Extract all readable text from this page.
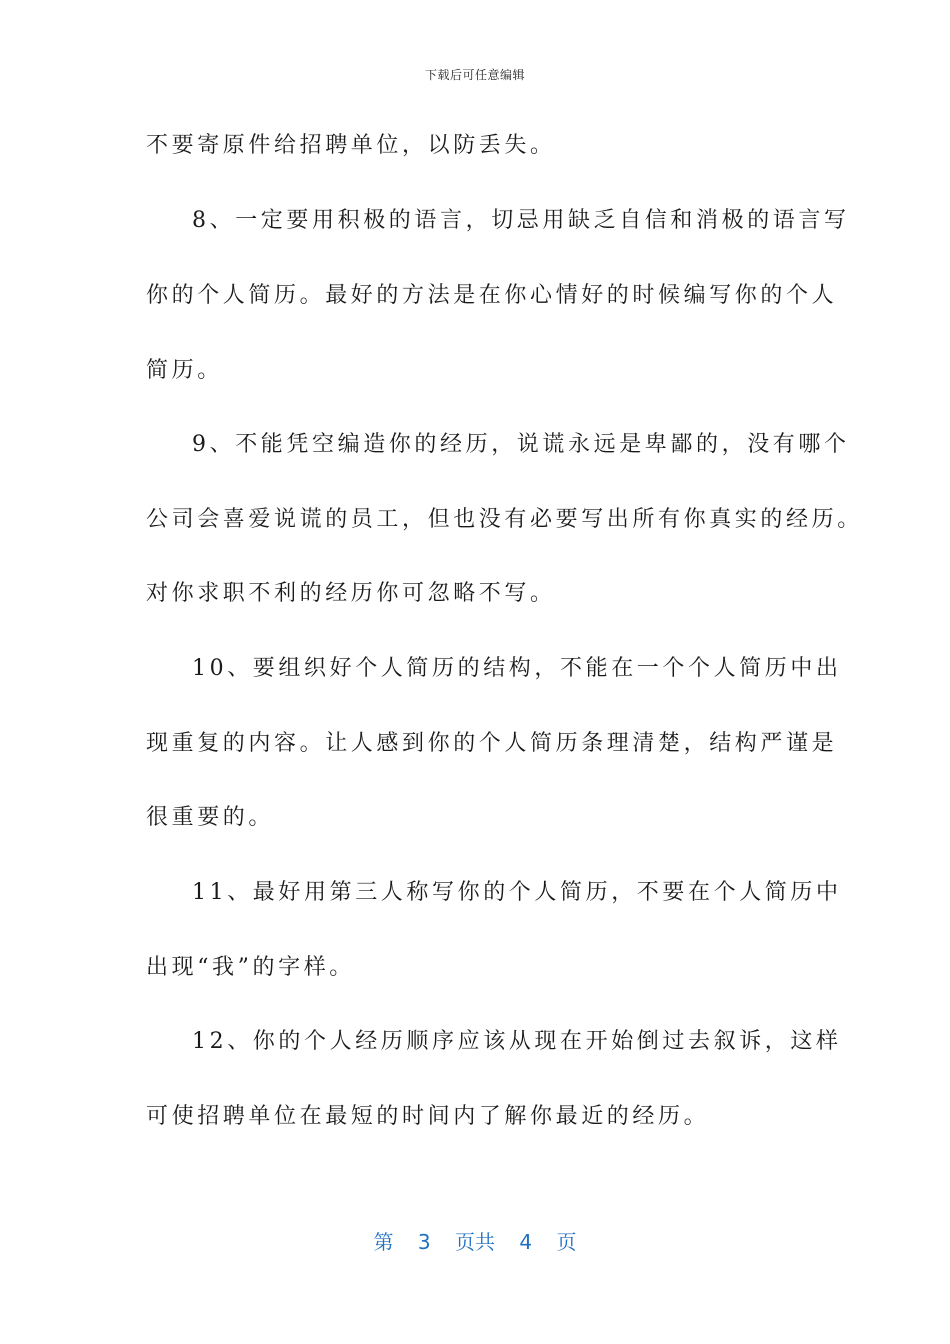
下载后可任意编辑
不要寄原件给招聘单位，以防丢失。
8、一定要用积极的语言，切忌用缺乏自信和消极的语言写
你的个人简历。最好的方法是在你心情好的时候编写你的个人
简历。
9、不能凭空编造你的经历，说谎永远是卑鄙的，没有哪个
公司会喜爱说谎的员工，但也没有必要写出所有你真实的经历。
对你求职不利的经历你可忽略不写。
10、要组织好个人简历的结构，不能在一个个人简历中出
现重复的内容。让人感到你的个人简历条理清楚，结构严谨是
很重要的。
11、最好用第三人称写你的个人简历，不要在个人简历中
出现“我”的字样。
12、你的个人经历顺序应该从现在开始倒过去叙诉，这样
可使招聘单位在最短的时间内了解你最近的经历。
第 3 页共 4 页
